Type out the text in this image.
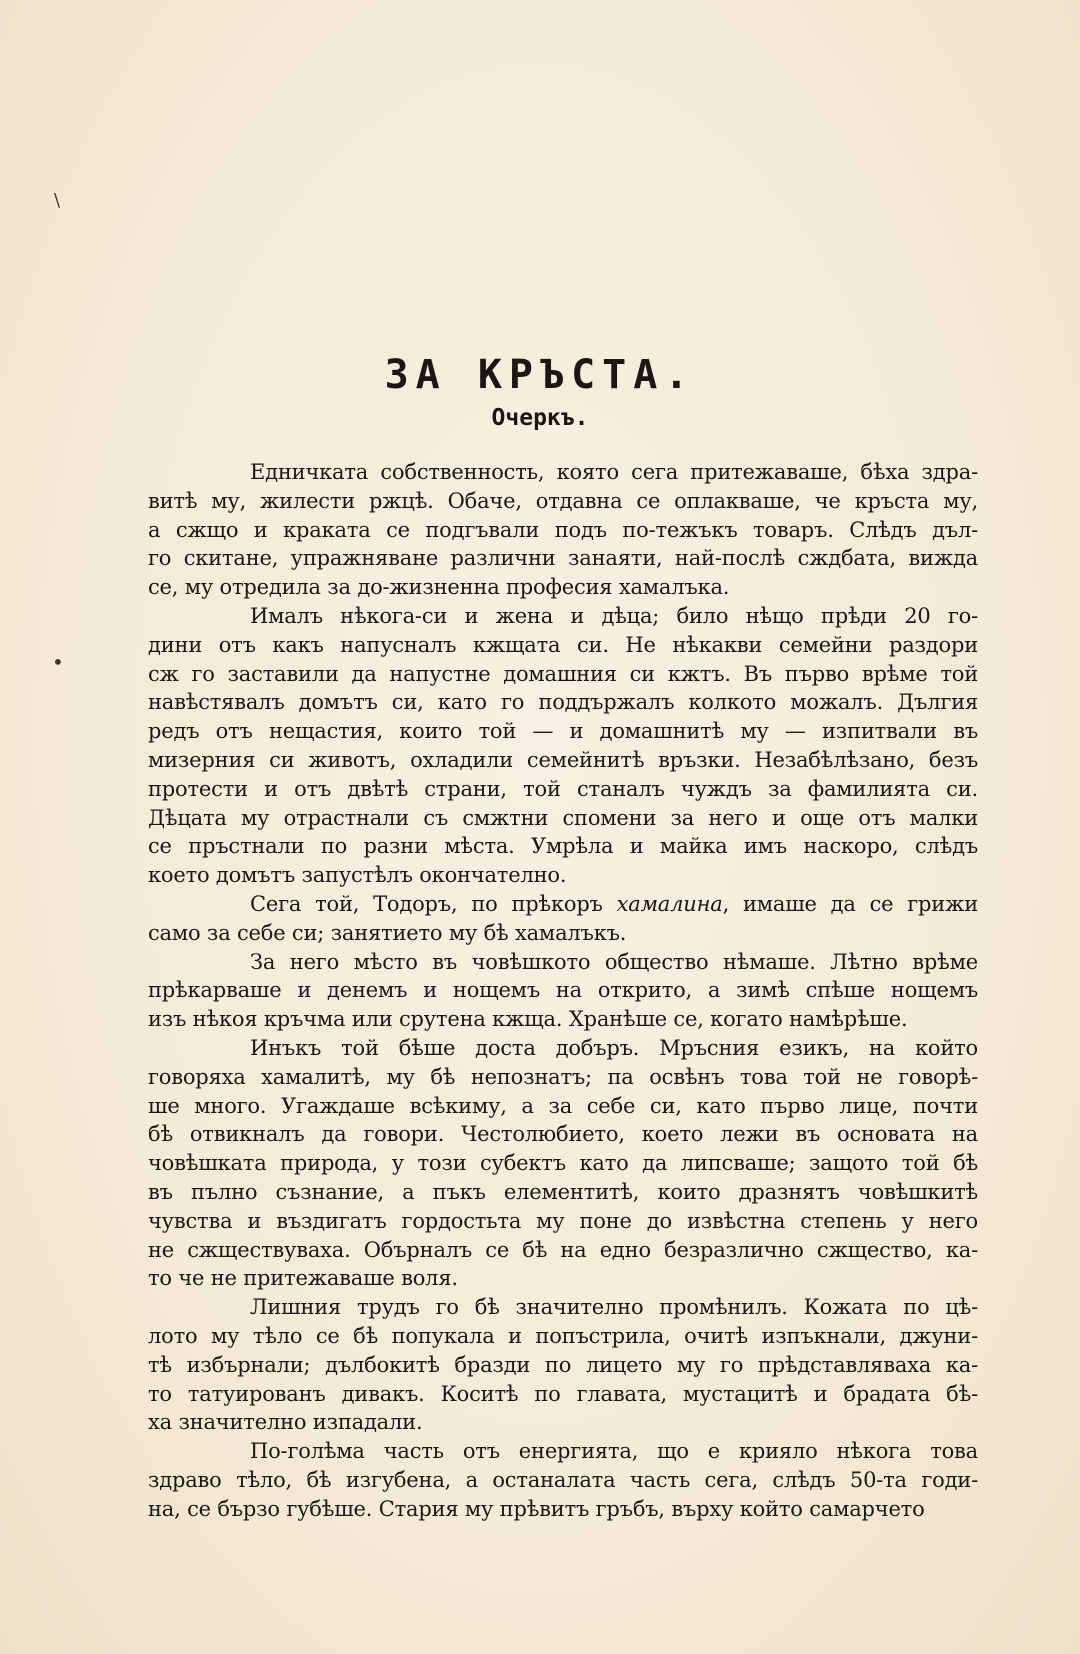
\
•
ЗА КРЪСТА.
Очеркъ.
Едничката собственность, която сега притежаваше, бѣха здра-
витѣ му, жилести ржцѣ. Обаче, отдавна се оплакваше, че кръста му,
а сжщо и краката се подгъвали подъ по-тежъкъ товаръ. Слѣдъ дъл-
го скитане, упражняване различни занаяти, най-послѣ сждбата, вижда
се, му отредила за до-жизненна професия хамалъка.
Ималъ нѣкога-си и жена и дѣца; било нѣщо прѣди 20 го-
дини отъ какъ напусналъ кжщата си. Не нѣкакви семейни раздори
сж го заставили да напустне домашния си кжтъ. Въ първо врѣме той
навѣстявалъ домътъ си, като го поддържалъ колкото можалъ. Дългия
редъ отъ нещастия, които той — и домашнитѣ му — изпитвали въ
мизерния си животъ, охладили семейнитѣ връзки. Незабѣлѣзано, безъ
протести и отъ двѣтѣ страни, той станалъ чуждъ за фамилията си.
Дѣцата му отрастнали съ смжтни спомени за него и още отъ малки
се пръстнали по разни мѣста. Умрѣла и майка имъ наскоро, слѣдъ
което домътъ запустѣлъ окончателно.
Сега той, Тодоръ, по прѣкоръ хамалина, имаше да се грижи
само за себе си; занятието му бѣ хамалъкъ.
За него мѣсто въ човѣшкото общество нѣмаше. Лѣтно врѣме
прѣкарваше и денемъ и нощемъ на открито, а зимѣ спѣше нощемъ
изъ нѣкоя кръчма или срутена кжща. Хранѣше се, когато намѣрѣше.
Инъкъ той бѣше доста добъръ. Мръсния езикъ, на който
говоряха хамалитѣ, му бѣ непознатъ; па освѣнъ това той не говорѣ-
ше много. Угаждаше всѣкиму, а за себе си, като първо лице, почти
бѣ отвикналъ да говори. Честолюбието, което лежи въ основата на
човѣшката природа, у този субектъ като да липсваше; защото той бѣ
въ пълно съзнание, а пъкъ елементитѣ, които дразнятъ човѣшкитѣ
чувства и въздигатъ гордостьта му поне до извѣстна степень у него
не сжществуваха. Обърналъ се бѣ на едно безразлично сжщество, ка-
то че не притежаваше воля.
Лишния трудъ го бѣ значително промѣнилъ. Кожата по цѣ-
лото му тѣло се бѣ попукала и попъстрила, очитѣ изпъкнали, джуни-
тѣ избърнали; дълбокитѣ бразди по лицето му го прѣдставляваха ка-
то татуированъ дивакъ. Коситѣ по главата, мустацитѣ и брадата бѣ-
ха значително изпадали.
По-голѣма часть отъ енергията, що е крияло нѣкога това
здраво тѣло, бѣ изгубена, а останалата часть сега, слѣдъ 50-та годи-
на, се бързо губѣше. Стария му прѣвитъ гръбъ, върху който самарчето
